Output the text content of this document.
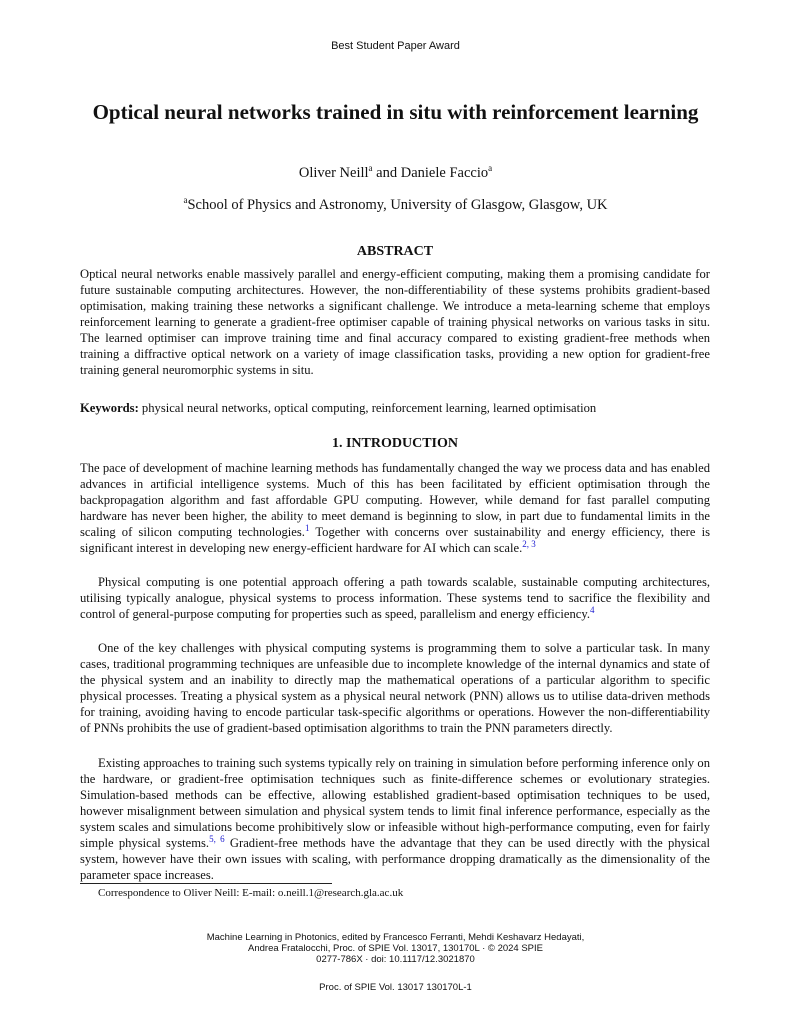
Best Student Paper Award
Optical neural networks trained in situ with reinforcement learning
Oliver Neill$^a$ and Daniele Faccio$^a$
$^a$School of Physics and Astronomy, University of Glasgow, Glasgow, UK
ABSTRACT
Optical neural networks enable massively parallel and energy-efficient computing, making them a promising candidate for future sustainable computing architectures. However, the non-differentiability of these systems prohibits gradient-based optimisation, making training these networks a significant challenge. We introduce a meta-learning scheme that employs reinforcement learning to generate a gradient-free optimiser capable of training physical networks on various tasks in situ. The learned optimiser can improve training time and final accuracy compared to existing gradient-free methods when training a diffractive optical network on a variety of image classification tasks, providing a new option for gradient-free training general neuromorphic systems in situ.
Keywords: physical neural networks, optical computing, reinforcement learning, learned optimisation
1. INTRODUCTION
The pace of development of machine learning methods has fundamentally changed the way we process data and has enabled advances in artificial intelligence systems. Much of this has been facilitated by efficient optimisation through the backpropagation algorithm and fast affordable GPU computing. However, while demand for fast parallel computing hardware has never been higher, the ability to meet demand is beginning to slow, in part due to fundamental limits in the scaling of silicon computing technologies.$^1$ Together with concerns over sustainability and energy efficiency, there is significant interest in developing new energy-efficient hardware for AI which can scale.$^{2, 3}$
Physical computing is one potential approach offering a path towards scalable, sustainable computing architectures, utilising typically analogue, physical systems to process information. These systems tend to sacrifice the flexibility and control of general-purpose computing for properties such as speed, parallelism and energy efficiency.$^4$
One of the key challenges with physical computing systems is programming them to solve a particular task. In many cases, traditional programming techniques are unfeasible due to incomplete knowledge of the internal dynamics and state of the physical system and an inability to directly map the mathematical operations of a particular algorithm to specific physical processes. Treating a physical system as a physical neural network (PNN) allows us to utilise data-driven methods for training, avoiding having to encode particular task-specific algorithms or operations. However the non-differentiability of PNNs prohibits the use of gradient-based optimisation algorithms to train the PNN parameters directly.
Existing approaches to training such systems typically rely on training in simulation before performing inference only on the hardware, or gradient-free optimisation techniques such as finite-difference schemes or evolutionary strategies. Simulation-based methods can be effective, allowing established gradient-based optimisation techniques to be used, however misalignment between simulation and physical system tends to limit final inference performance, especially as the system scales and simulations become prohibitively slow or infeasible without high-performance computing, even for fairly simple physical systems.$^{5, 6}$ Gradient-free methods have the advantage that they can be used directly with the physical system, however have their own issues with scaling, with performance dropping dramatically as the dimensionality of the parameter space increases.
Correspondence to Oliver Neill: E-mail: o.neill.1@research.gla.ac.uk
Machine Learning in Photonics, edited by Francesco Ferranti, Mehdi Keshavarz Hedayati,
Andrea Fratalocchi, Proc. of SPIE Vol. 13017, 130170L · © 2024 SPIE
0277-786X · doi: 10.1117/12.3021870
Proc. of SPIE Vol. 13017 130170L-1
